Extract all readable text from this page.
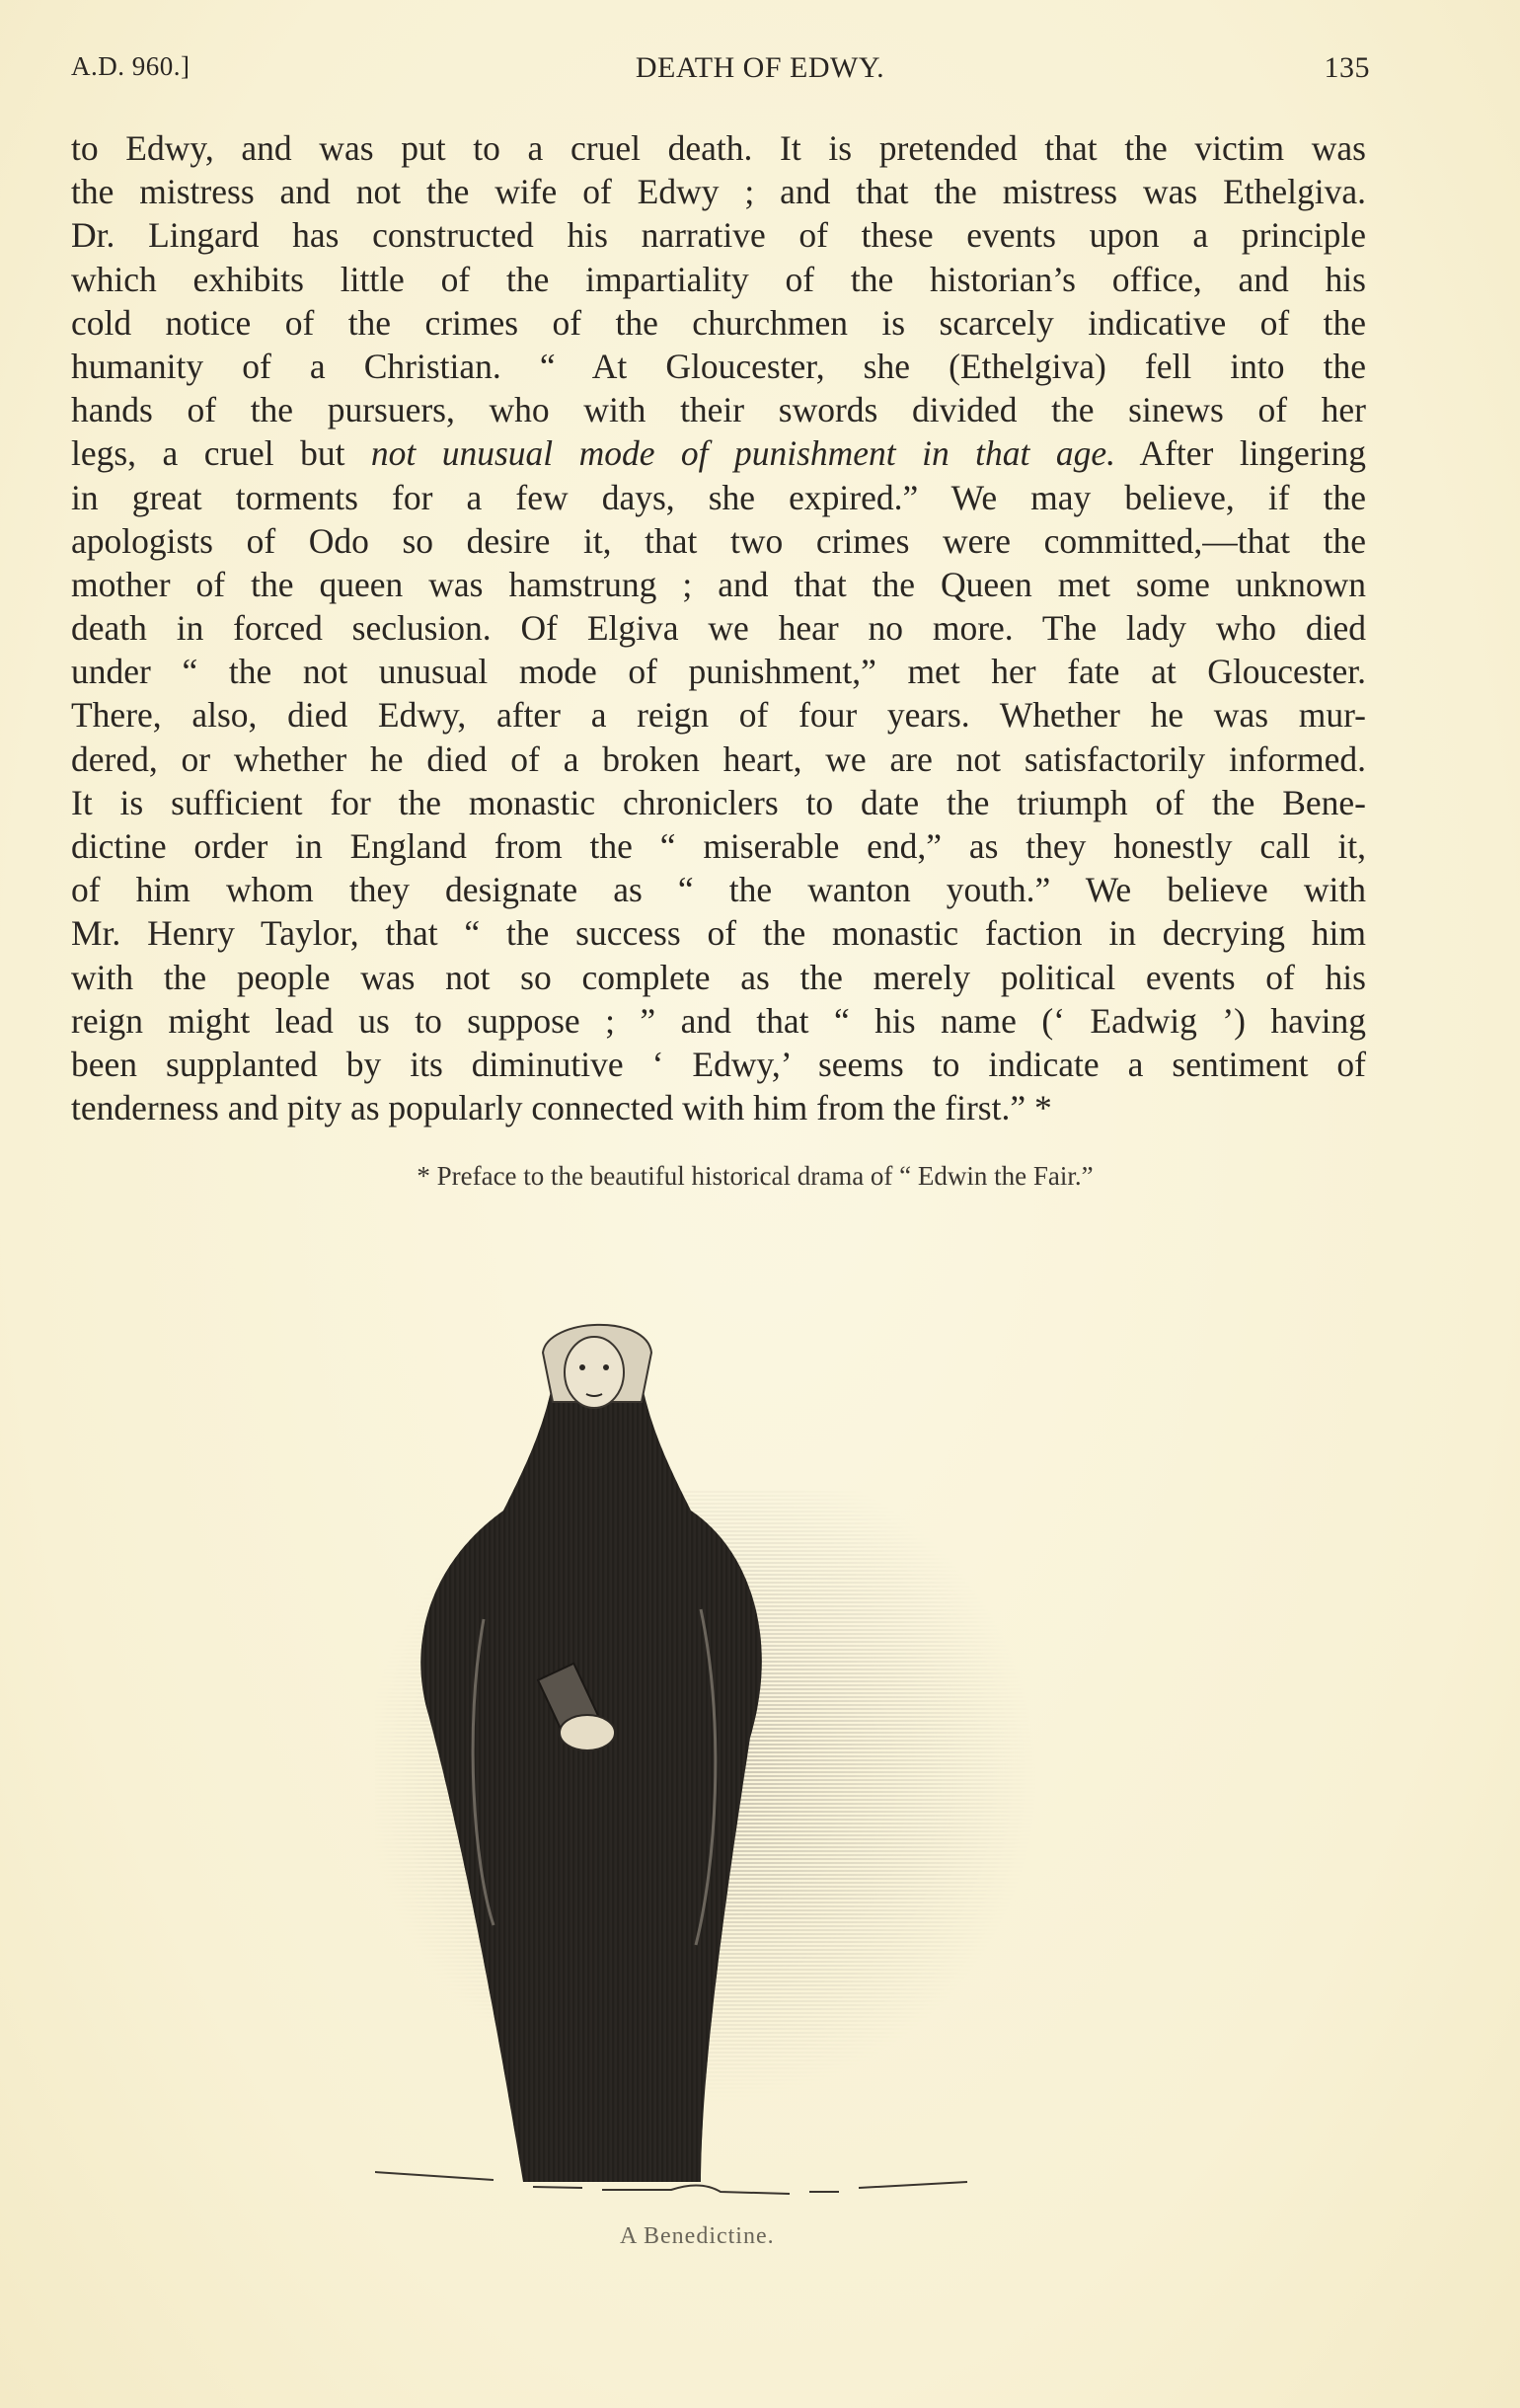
A.D. 960.]	DEATH OF EDWY.	135
to Edwy, and was put to a cruel death. It is pretended that the victim was
the mistress and not the wife of Edwy ; and that the mistress was Ethelgiva.
Dr. Lingard has constructed his narrative of these events upon a principle
which exhibits little of the impartiality of the historian’s office, and his
cold notice of the crimes of the churchmen is scarcely indicative of the
humanity of a Christian. “ At Gloucester, she (Ethelgiva) fell into the
hands of the pursuers, who with their swords divided the sinews of her
legs, a cruel but not unusual mode of punishment in that age. After lingering
in great torments for a few days, she expired.” We may believe, if the
apologists of Odo so desire it, that two crimes were committed,—that the
mother of the queen was hamstrung ; and that the Queen met some unknown
death in forced seclusion. Of Elgiva we hear no more. The lady who died
under “ the not unusual mode of punishment,” met her fate at Gloucester.
There, also, died Edwy, after a reign of four years. Whether he was mur-
dered, or whether he died of a broken heart, we are not satisfactorily informed.
It is sufficient for the monastic chroniclers to date the triumph of the Bene-
dictine order in England from the “ miserable end,” as they honestly call it,
of him whom they designate as “ the wanton youth.” We believe with
Mr. Henry Taylor, that “ the success of the monastic faction in decrying him
with the people was not so complete as the merely political events of his
reign might lead us to suppose ; ” and that “ his name (‘ Eadwig ’) having
been supplanted by its diminutive ‘ Edwy,’ seems to indicate a sentiment of
tenderness and pity as popularly connected with him from the first.” *
* Preface to the beautiful historical drama of “ Edwin the Fair.”
A Benedictine.
